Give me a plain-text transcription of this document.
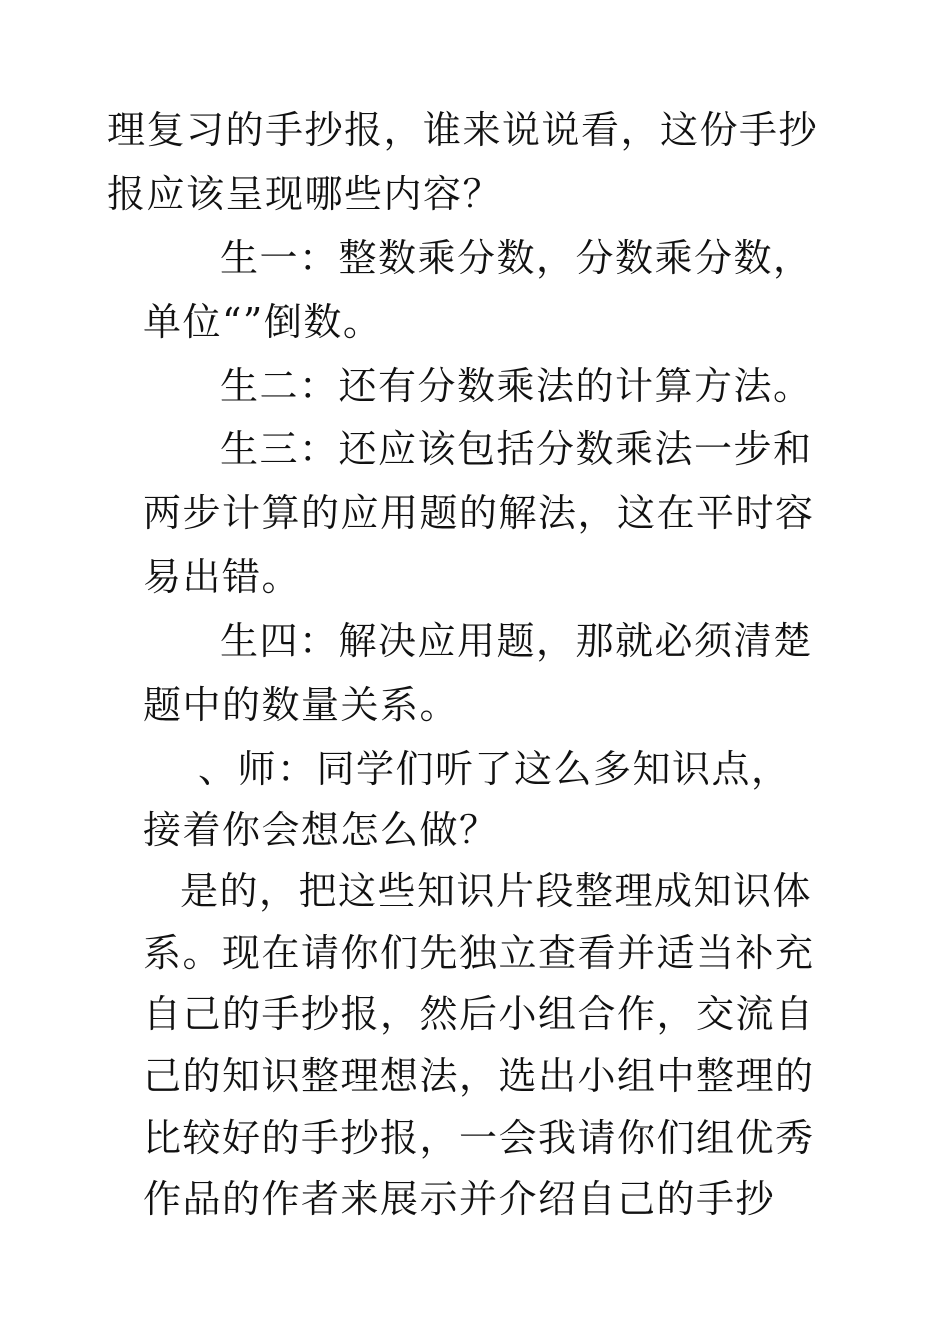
理复习的手抄报，谁来说说看，这份手抄

报应该呈现哪些内容？

生一：整数乘分数，分数乘分数，

单位“”倒数。

生二：还有分数乘法的计算方法。

生三：还应该包括分数乘法一步和

两步计算的应用题的解法，这在平时容

易出错。

生四：解决应用题，那就必须清楚

题中的数量关系。

、师：同学们听了这么多知识点，

接着你会想怎么做？

是的，把这些知识片段整理成知识体

系。现在请你们先独立查看并适当补充

自己的手抄报，然后小组合作，交流自

己的知识整理想法，选出小组中整理的

比较好的手抄报，一会我请你们组优秀

作品的作者来展示并介绍自己的手抄
